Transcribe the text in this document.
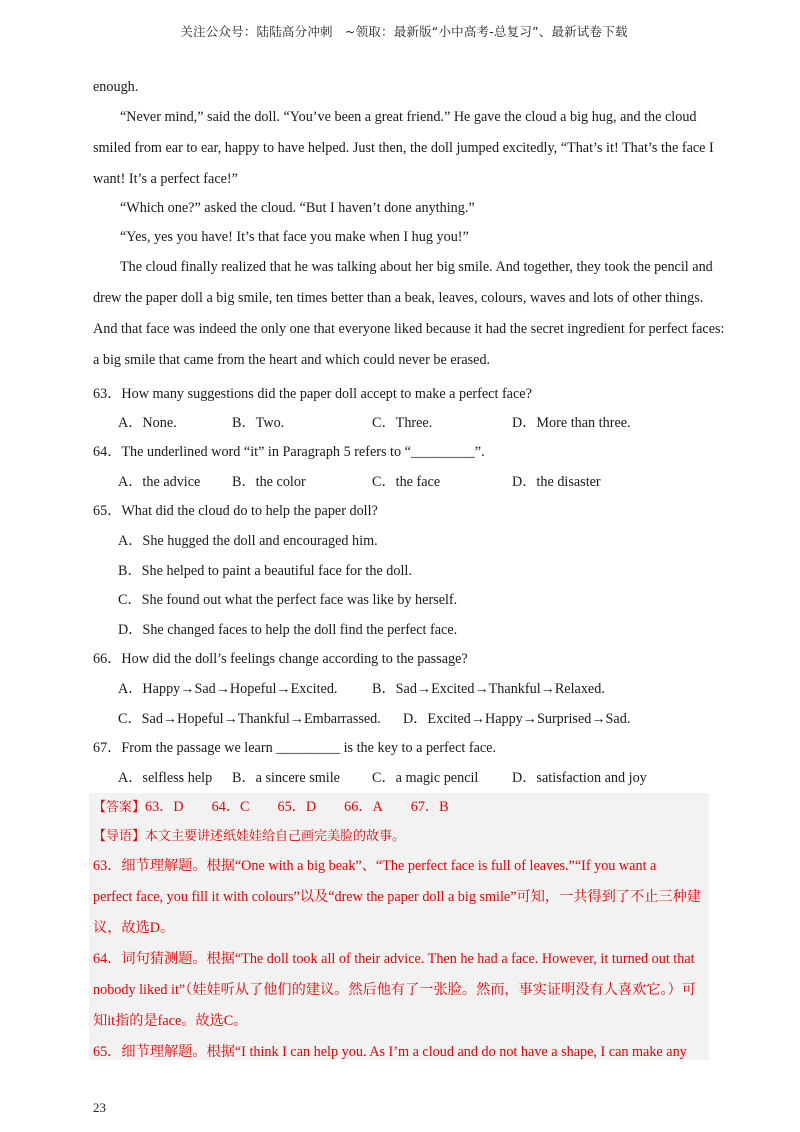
关注公众号：陆陆高分冲刺 ~领取：最新版“小中高考-总复习”、最新试卷下载
enough.
“Never mind,” said the doll. “You’ve been a great friend.” He gave the cloud a big hug, and the cloud
smiled from ear to ear, happy to have helped. Just then, the doll jumped excitedly, “That’s it! That’s the face I
want! It’s a perfect face!”
“Which one?” asked the cloud. “But I haven’t done anything.”
“Yes, yes you have! It’s that face you make when I hug you!”
The cloud finally realized that he was talking about her big smile. And together, they took the pencil and
drew the paper doll a big smile, ten times better than a beak, leaves, colours, waves and lots of other things.
And that face was indeed the only one that everyone liked because it had the secret ingredient for perfect faces:
a big smile that came from the heart and which could never be erased.
63．How many suggestions did the paper doll accept to make a perfect face?
A．None.	B．Two.	C．Three.	D．More than three.
64．The underlined word “it” in Paragraph 5 refers to “_________”.
A．the advice B．the color	C．the face	D．the disaster
65．What did the cloud do to help the paper doll?
A．She hugged the doll and encouraged him.
B．She helped to paint a beautiful face for the doll.
C．She found out what the perfect face was like by herself.
D．She changed faces to help the doll find the perfect face.
66．How did the doll’s feelings change according to the passage?
A．Happy→Sad→Hopeful→Excited. B．Sad→Excited→Thankful→Relaxed.
C．Sad→Hopeful→Thankful→Embarrassed. D．Excited→Happy→Surprised→Sad.
67．From the passage we learn _________ is the key to a perfect face.
A．selfless help B．a sincere smile C．a magic pencil D．satisfaction and joy
【答案】63．D 64．C 65．D 66．A 67．B
【导语】本文主要讲述纸娃娃给自己画完美脸的故事。
63．细节理解题。根据“One with a big beak”、“The perfect face is full of leaves.”“If you want a
perfect face, you fill it with colours”以及“drew the paper doll a big smile”可知，一共得到了不止三种建
议，故选D。
64．词句猜测题。根据“The doll took all of their advice. Then he had a face. However, it turned out that
nobody liked it”（娃娃听从了他们的建议。然后他有了一张脸。然而，事实证明没有人喜欢它。）可
知it指的是face。故选C。
65．细节理解题。根据“I think I can help you. As I’m a cloud and do not have a shape, I can make any
23
